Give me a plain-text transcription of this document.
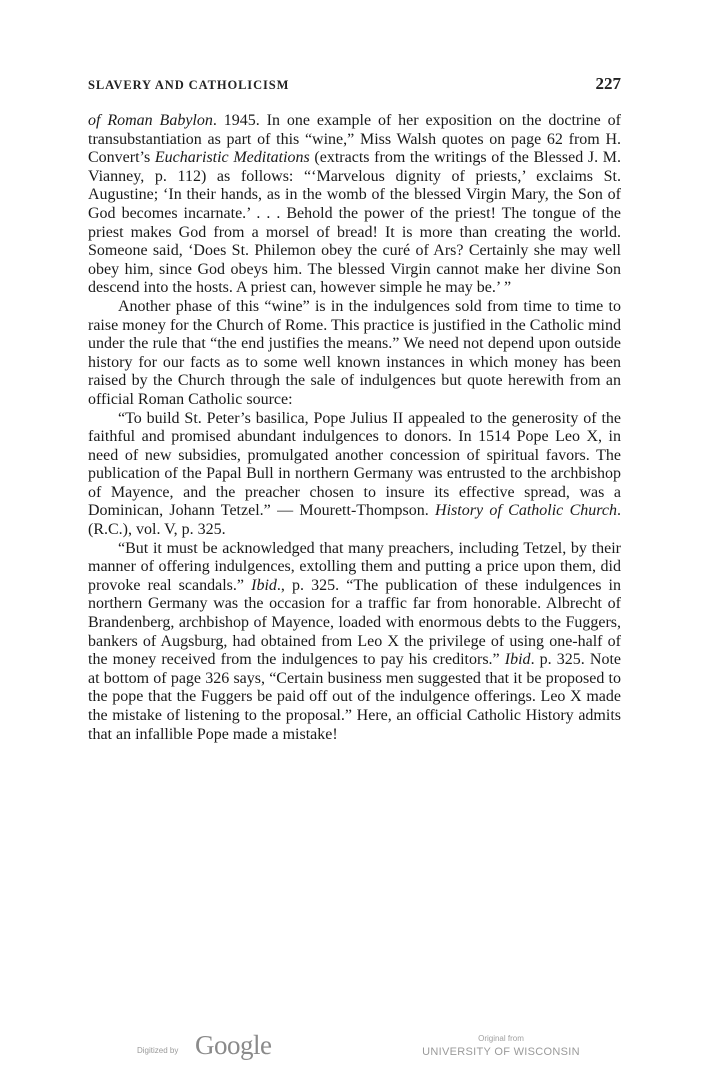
SLAVERY AND CATHOLICISM	227

of Roman Babylon. 1945. In one example of her exposition on the doctrine of transubstantiation as part of this “wine,” Miss Walsh quotes on page 62 from H. Convert’s Eucharistic Meditations (extracts from the writings of the Blessed J. M. Vianney, p. 112) as follows: “‘Marvelous dignity of priests,’ exclaims St. Augustine; ‘In their hands, as in the womb of the blessed Virgin Mary, the Son of God becomes incarnate.’ . . . Behold the power of the priest! The tongue of the priest makes God from a morsel of bread! It is more than creating the world. Someone said, ‘Does St. Philemon obey the curé of Ars? Certainly she may well obey him, since God obeys him. The blessed Virgin cannot make her divine Son descend into the hosts. A priest can, however simple he may be.’ ”

Another phase of this “wine” is in the indulgences sold from time to time to raise money for the Church of Rome. This practice is justified in the Catholic mind under the rule that “the end justifies the means.” We need not depend upon outside history for our facts as to some well known instances in which money has been raised by the Church through the sale of indulgences but quote herewith from an official Roman Catholic source:

“To build St. Peter’s basilica, Pope Julius II appealed to the generosity of the faithful and promised abundant indulgences to donors. In 1514 Pope Leo X, in need of new subsidies, promulgated another concession of spiritual favors. The publication of the Papal Bull in northern Germany was entrusted to the archbishop of Mayence, and the preacher chosen to insure its effective spread, was a Dominican, Johann Tetzel.” — Mourett-Thompson. History of Catholic Church. (R.C.), vol. V, p. 325.

“But it must be acknowledged that many preachers, including Tetzel, by their manner of offering indulgences, extolling them and putting a price upon them, did provoke real scandals.” Ibid., p. 325. “The publication of these indulgences in northern Germany was the occasion for a traffic far from honorable. Albrecht of Brandenberg, archbishop of Mayence, loaded with enormous debts to the Fuggers, bankers of Augsburg, had obtained from Leo X the privilege of using one-half of the money received from the indulgences to pay his creditors.” Ibid. p. 325. Note at bottom of page 326 says, “Certain business men suggested that it be proposed to the pope that the Fuggers be paid off out of the indulgence offerings. Leo X made the mistake of listening to the proposal.” Here, an official Catholic History admits that an infallible Pope made a mistake!

Digitized by Google	Original from
UNIVERSITY OF WISCONSIN
